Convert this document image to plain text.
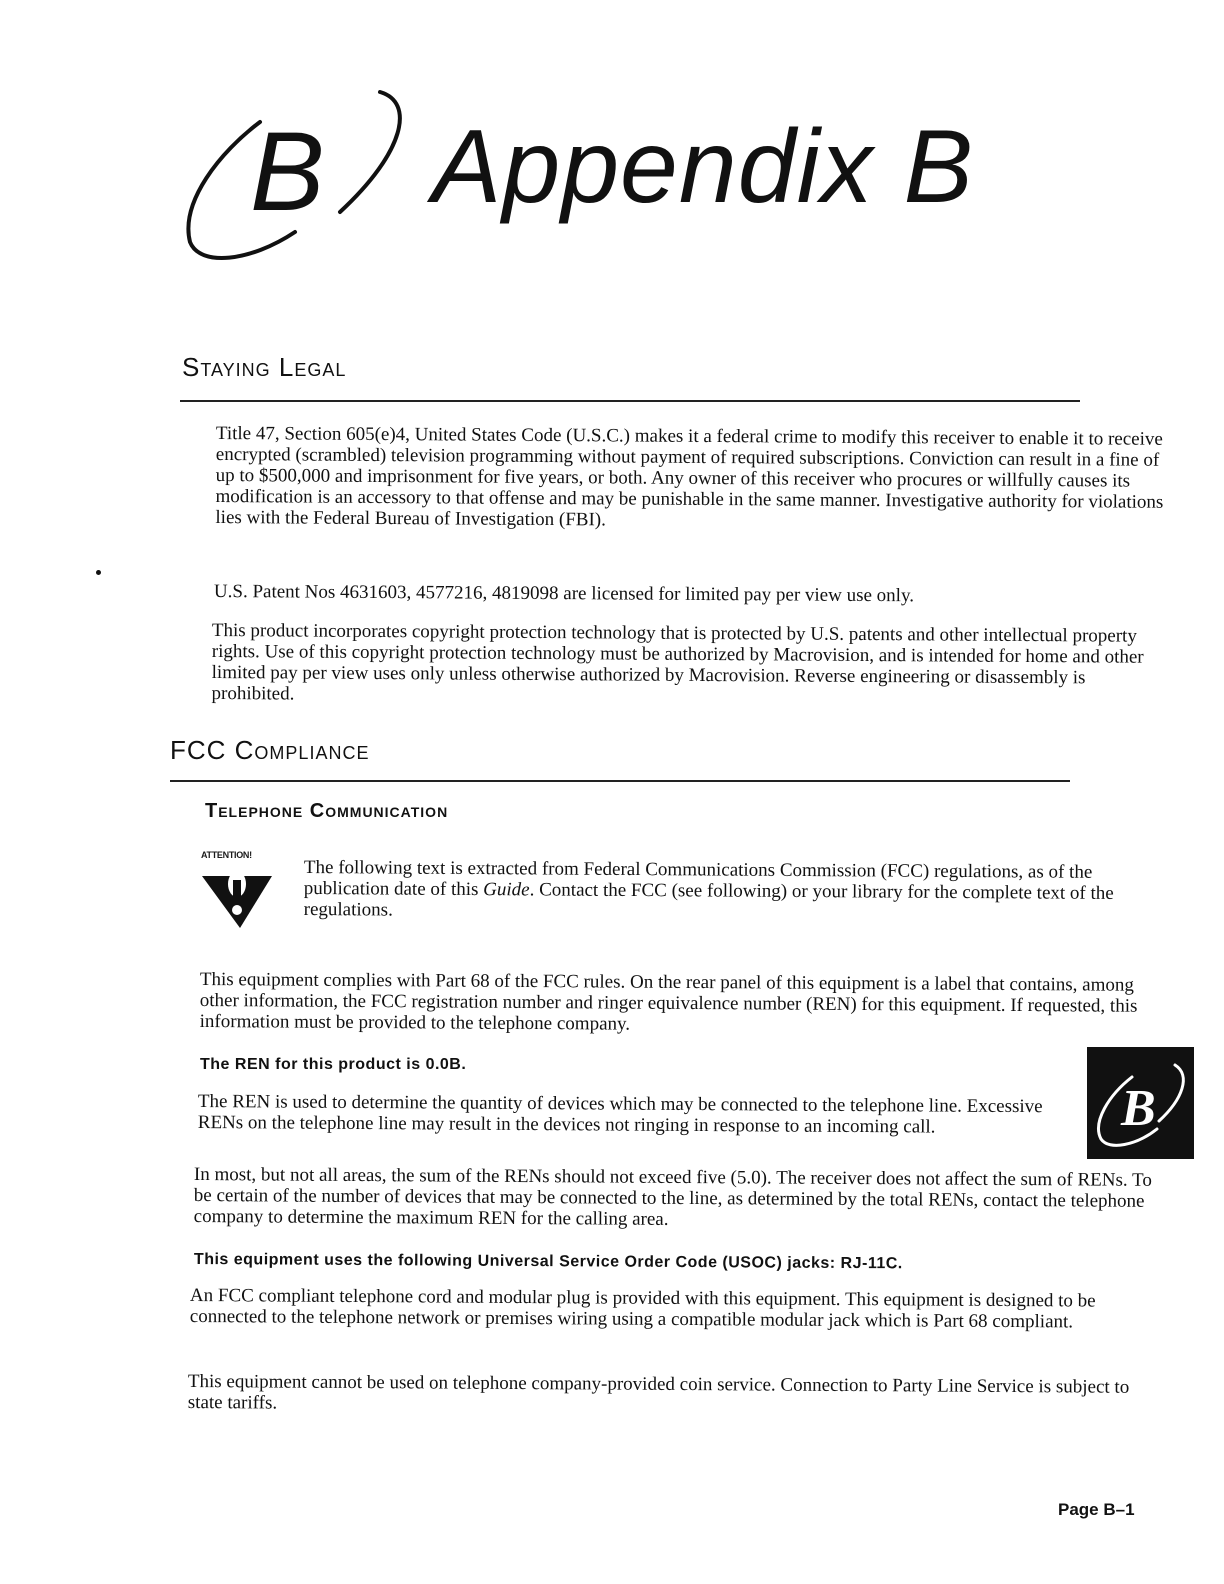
B Appendix B
Staying Legal

Title 47, Section 605(e)4, United States Code (U.S.C.) makes it a federal crime to modify this receiver to enable it to receive encrypted (scrambled) television programming without payment of required subscriptions. Conviction can result in a fine of up to $500,000 and imprisonment for five years, or both. Any owner of this receiver who procures or willfully causes its modification is an accessory to that offense and may be punishable in the same manner. Investigative authority for violations lies with the Federal Bureau of Investigation (FBI).

U.S. Patent Nos 4631603, 4577216, 4819098 are licensed for limited pay per view use only.

This product incorporates copyright protection technology that is protected by U.S. patents and other intellectual property rights. Use of this copyright protection technology must be authorized by Macrovision, and is intended for home and other limited pay per view uses only unless otherwise authorized by Macrovision. Reverse engineering or disassembly is prohibited.

FCC Compliance
Telephone Communication
ATTENTION!

The following text is extracted from Federal Communications Commission (FCC) regulations, as of the publication date of this Guide. Contact the FCC (see following) or your library for the complete text of the regulations.

This equipment complies with Part 68 of the FCC rules. On the rear panel of this equipment is a label that contains, among other information, the FCC registration number and ringer equivalence number (REN) for this equipment. If requested, this information must be provided to the telephone company.

The REN for this product is 0.0B.

The REN is used to determine the quantity of devices which may be connected to the telephone line. Excessive RENs on the telephone line may result in the devices not ringing in response to an incoming call.	B

In most, but not all areas, the sum of the RENs should not exceed five (5.0). The receiver does not affect the sum of RENs. To be certain of the number of devices that may be connected to the line, as determined by the total RENs, contact the telephone company to determine the maximum REN for the calling area.

This equipment uses the following Universal Service Order Code (USOC) jacks: RJ-11C.

An FCC compliant telephone cord and modular plug is provided with this equipment. This equipment is designed to be connected to the telephone network or premises wiring using a compatible modular jack which is Part 68 compliant.

This equipment cannot be used on telephone company-provided coin service. Connection to Party Line Service is subject to state tariffs.

Page B–1
